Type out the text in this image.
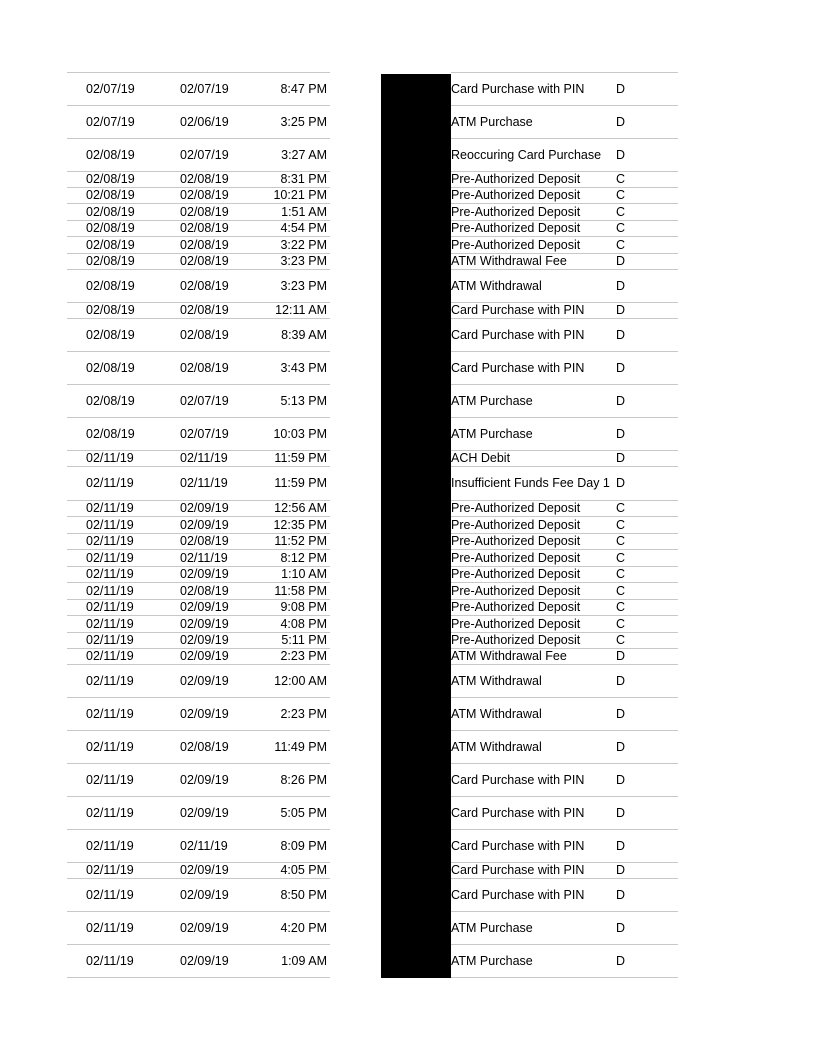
02/07/19	02/07/19	8:47 PM	Card Purchase with PIN	D
02/07/19	02/06/19	3:25 PM	ATM Purchase	D
02/08/19	02/07/19	3:27 AM	Reoccuring Card Purchase	D
02/08/19	02/08/19	8:31 PM	Pre-Authorized Deposit	C
02/08/19	02/08/19	10:21 PM	Pre-Authorized Deposit	C
02/08/19	02/08/19	1:51 AM	Pre-Authorized Deposit	C
02/08/19	02/08/19	4:54 PM	Pre-Authorized Deposit	C
02/08/19	02/08/19	3:22 PM	Pre-Authorized Deposit	C
02/08/19	02/08/19	3:23 PM	ATM Withdrawal Fee	D
02/08/19	02/08/19	3:23 PM	ATM Withdrawal	D
02/08/19	02/08/19	12:11 AM	Card Purchase with PIN	D
02/08/19	02/08/19	8:39 AM	Card Purchase with PIN	D
02/08/19	02/08/19	3:43 PM	Card Purchase with PIN	D
02/08/19	02/07/19	5:13 PM	ATM Purchase	D
02/08/19	02/07/19	10:03 PM	ATM Purchase	D
02/11/19	02/11/19	11:59 PM	ACH Debit	D
02/11/19	02/11/19	11:59 PM	Insufficient Funds Fee Day 1 D
02/11/19	02/09/19	12:56 AM	Pre-Authorized Deposit	C
02/11/19	02/09/19	12:35 PM	Pre-Authorized Deposit	C
02/11/19	02/08/19	11:52 PM	Pre-Authorized Deposit	C
02/11/19	02/11/19	8:12 PM	Pre-Authorized Deposit	C
02/11/19	02/09/19	1:10 AM	Pre-Authorized Deposit	C
02/11/19	02/08/19	11:58 PM	Pre-Authorized Deposit	C
02/11/19	02/09/19	9:08 PM	Pre-Authorized Deposit	C
02/11/19	02/09/19	4:08 PM	Pre-Authorized Deposit	C
02/11/19	02/09/19	5:11 PM	Pre-Authorized Deposit	C
02/11/19	02/09/19	2:23 PM	ATM Withdrawal Fee	D
02/11/19	02/09/19	12:00 AM	ATM Withdrawal	D
02/11/19	02/09/19	2:23 PM	ATM Withdrawal	D
02/11/19	02/08/19	11:49 PM	ATM Withdrawal	D
02/11/19	02/09/19	8:26 PM	Card Purchase with PIN	D
02/11/19	02/09/19	5:05 PM	Card Purchase with PIN	D
02/11/19	02/11/19	8:09 PM	Card Purchase with PIN	D
02/11/19	02/09/19	4:05 PM	Card Purchase with PIN	D
02/11/19	02/09/19	8:50 PM	Card Purchase with PIN	D
02/11/19	02/09/19	4:20 PM	ATM Purchase	D
02/11/19	02/09/19	1:09 AM	ATM Purchase	D
